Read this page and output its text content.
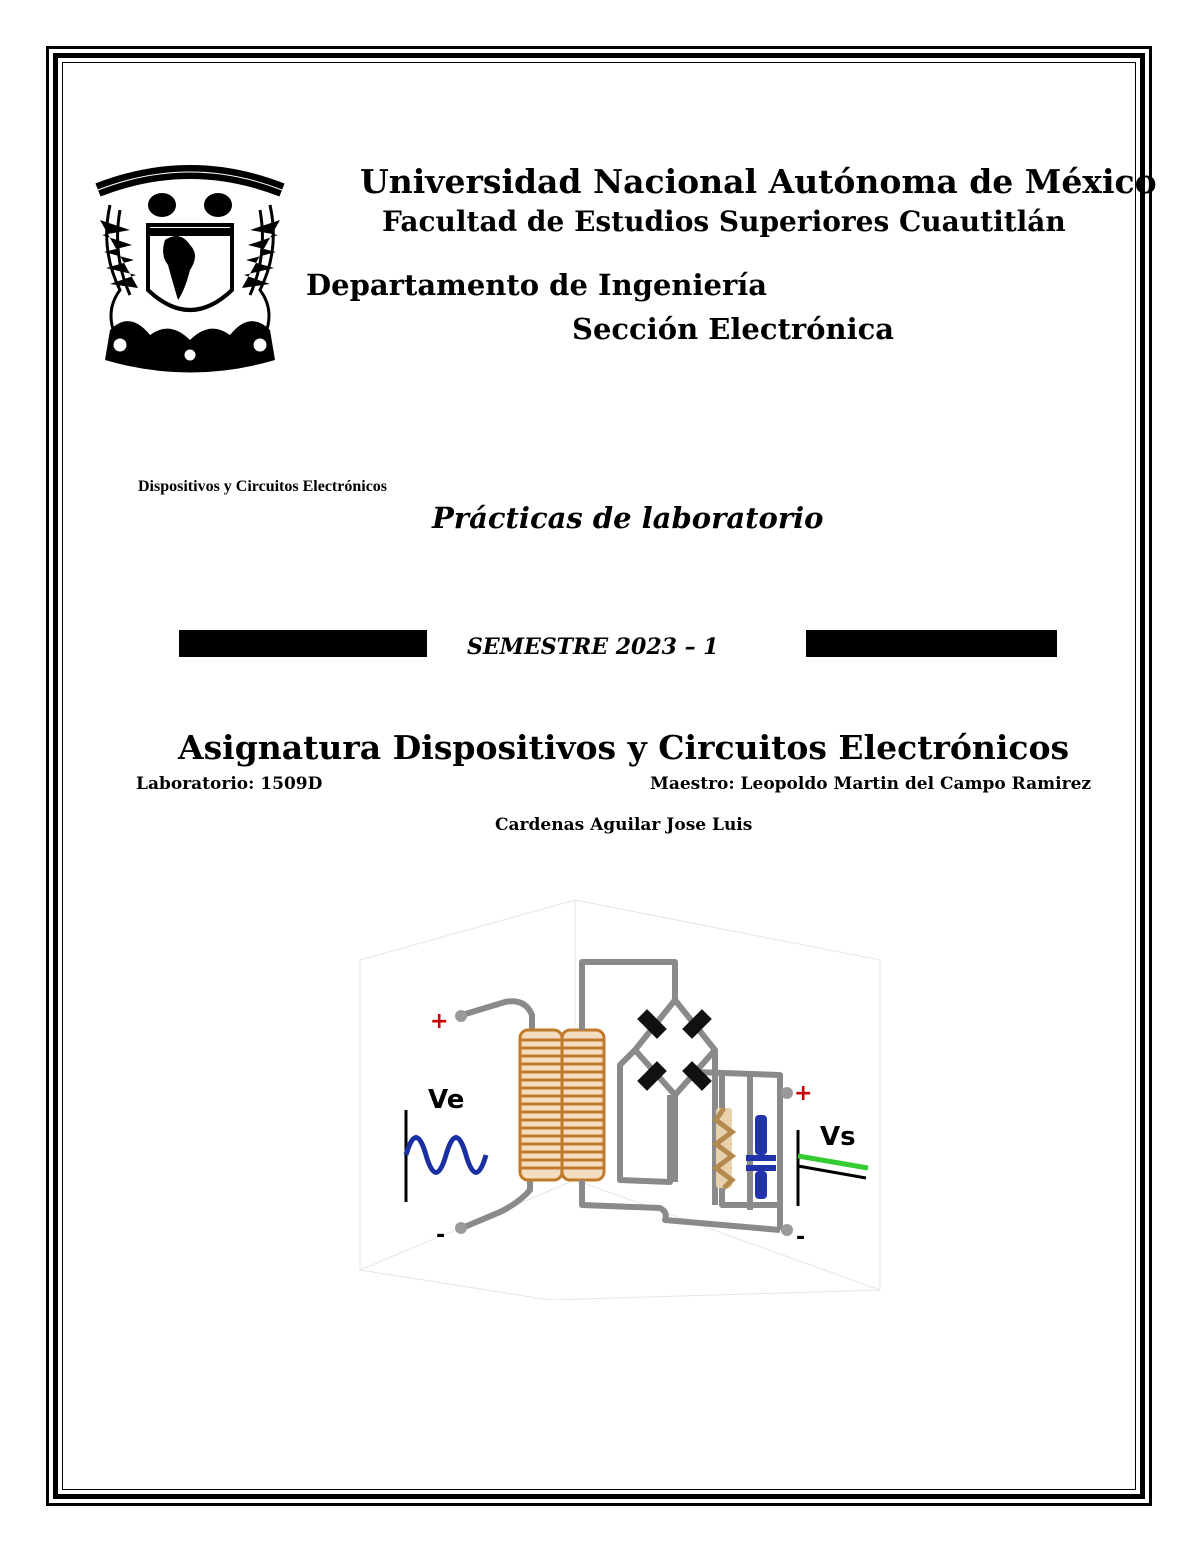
Universidad Nacional Autónoma de México
Facultad de Estudios Superiores Cuautitlán
Departamento de Ingeniería
Sección Electrónica
Dispositivos y Circuitos Electrónicos
Prácticas de laboratorio
SEMESTRE 2023 – 1
Asignatura Dispositivos y Circuitos Electrónicos
Laboratorio: 1509D	Maestro: Leopoldo Martin del Campo Ramirez
Cardenas Aguilar Jose Luis
+
-
Ve	+
-
Vs
